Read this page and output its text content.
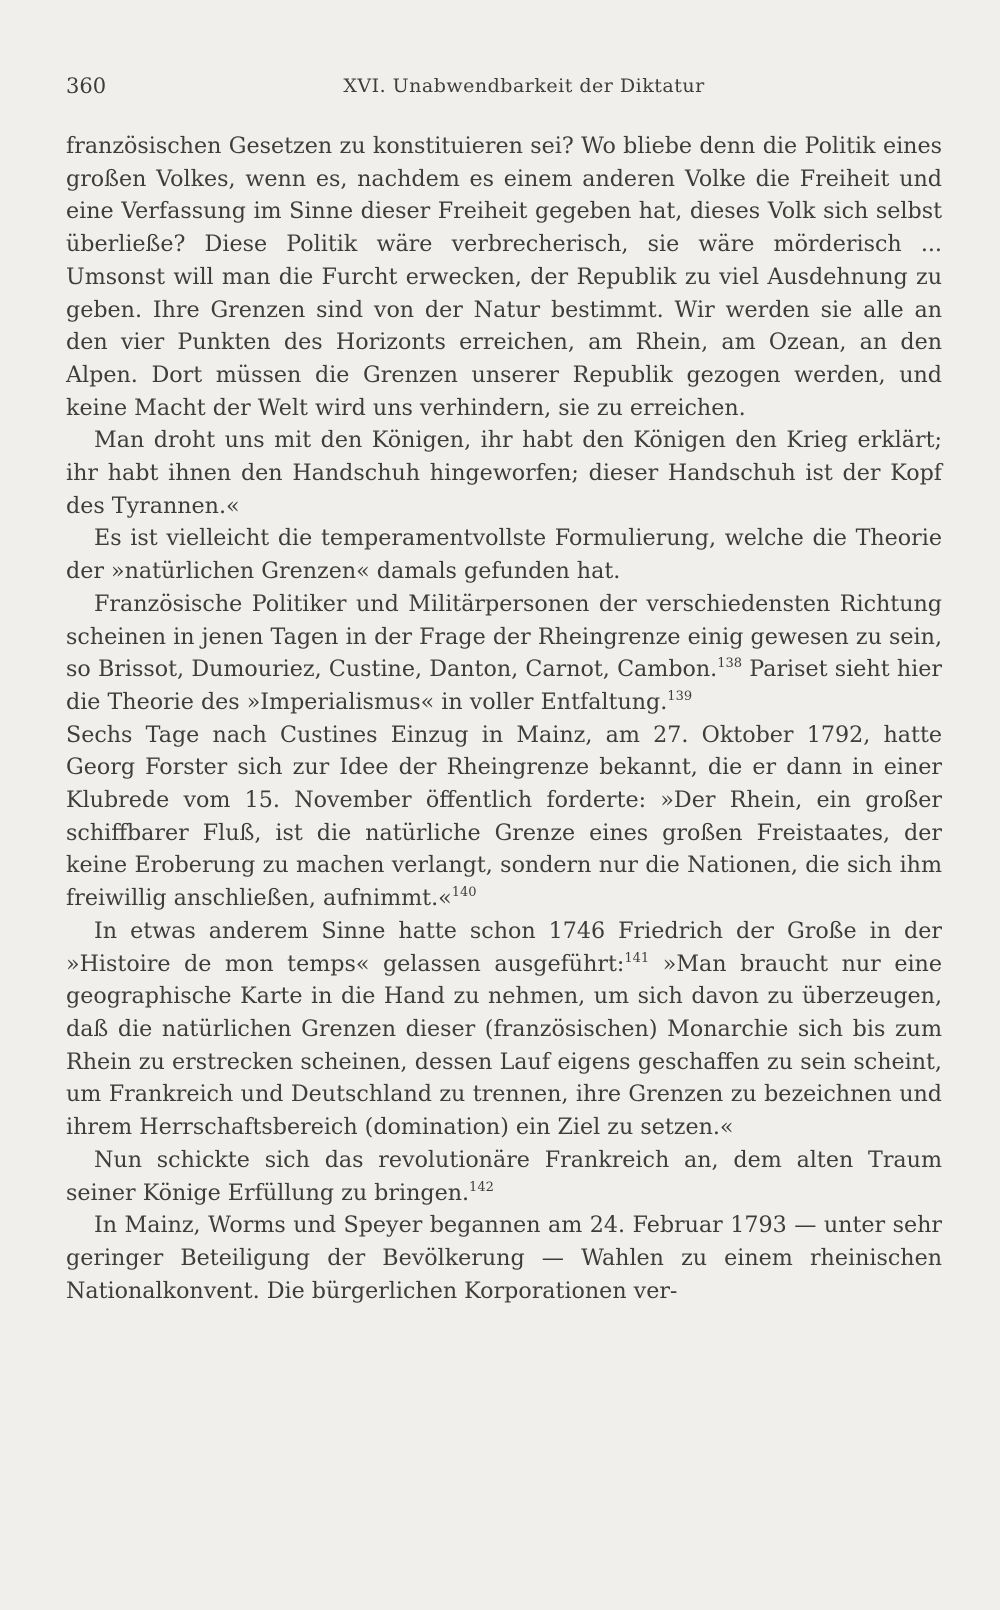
360	XVI. Unabwendbarkeit der Diktatur

französischen Gesetzen zu konstituieren sei? Wo bliebe denn die Politik eines großen Volkes, wenn es, nachdem es einem anderen Volke die Freiheit und eine Verfassung im Sinne dieser Freiheit gegeben hat, dieses Volk sich selbst überließe? Diese Politik wäre verbrecherisch, sie wäre mörderisch ... Umsonst will man die Furcht erwecken, der Republik zu viel Ausdehnung zu geben. Ihre Grenzen sind von der Natur bestimmt. Wir werden sie alle an den vier Punkten des Horizonts erreichen, am Rhein, am Ozean, an den Alpen. Dort müssen die Grenzen unserer Republik gezogen werden, und keine Macht der Welt wird uns verhindern, sie zu erreichen.

Man droht uns mit den Königen, ihr habt den Königen den Krieg erklärt; ihr habt ihnen den Handschuh hingeworfen; dieser Handschuh ist der Kopf des Tyrannen.«

Es ist vielleicht die temperamentvollste Formulierung, welche die Theorie der »natürlichen Grenzen« damals gefunden hat.

Französische Politiker und Militärpersonen der verschiedensten Richtung scheinen in jenen Tagen in der Frage der Rheingrenze einig gewesen zu sein, so Brissot, Dumouriez, Custine, Danton, Carnot, Cambon.$^{138}$ Pariset sieht hier die Theorie des »Imperialismus« in voller Entfaltung.$^{139}$

Sechs Tage nach Custines Einzug in Mainz, am 27. Oktober 1792, hatte Georg Forster sich zur Idee der Rheingrenze bekannt, die er dann in einer Klubrede vom 15. November öffentlich forderte: »Der Rhein, ein großer schiffbarer Fluß, ist die natürliche Grenze eines großen Freistaates, der keine Eroberung zu machen verlangt, sondern nur die Nationen, die sich ihm freiwillig anschließen, aufnimmt.«$^{140}$

In etwas anderem Sinne hatte schon 1746 Friedrich der Große in der »Histoire de mon temps« gelassen ausgeführt:$^{141}$ »Man braucht nur eine geographische Karte in die Hand zu nehmen, um sich davon zu überzeugen, daß die natürlichen Grenzen dieser (französischen) Monarchie sich bis zum Rhein zu erstrecken scheinen, dessen Lauf eigens geschaffen zu sein scheint, um Frankreich und Deutschland zu trennen, ihre Grenzen zu bezeichnen und ihrem Herrschaftsbereich (domination) ein Ziel zu setzen.«

Nun schickte sich das revolutionäre Frankreich an, dem alten Traum seiner Könige Erfüllung zu bringen.$^{142}$

In Mainz, Worms und Speyer begannen am 24. Februar 1793 — unter sehr geringer Beteiligung der Bevölkerung — Wahlen zu einem rheinischen Nationalkonvent. Die bürgerlichen Korporationen ver-
